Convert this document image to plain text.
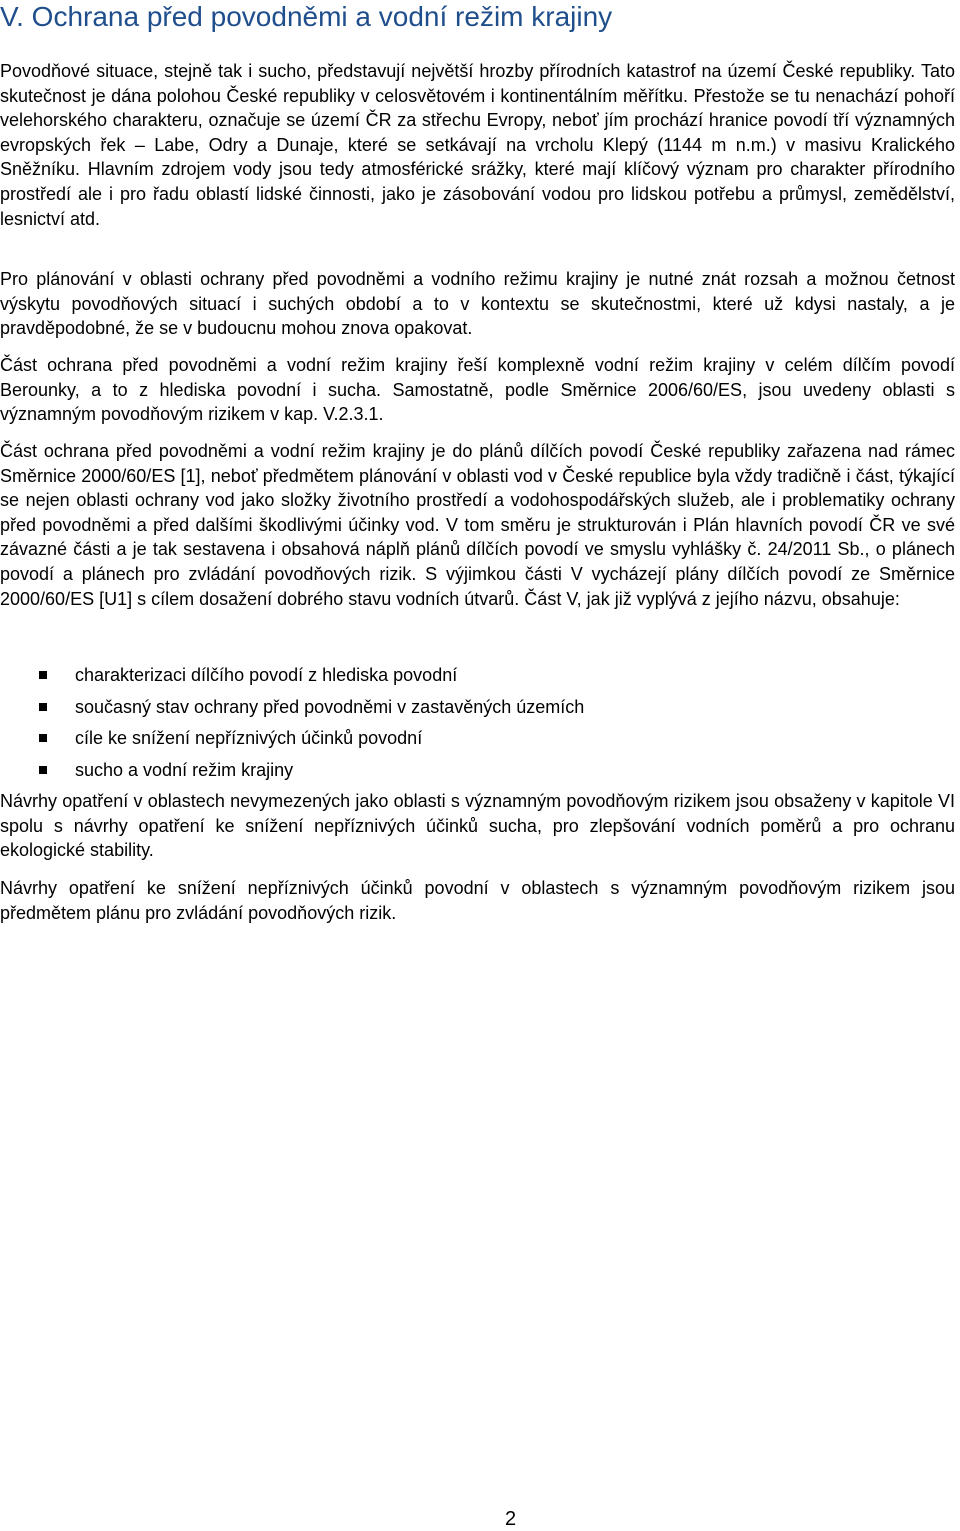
V. Ochrana před povodněmi a vodní režim krajiny

Povodňové situace, stejně tak i sucho, představují největší hrozby přírodních katastrof na území České republiky. Tato skutečnost je dána polohou České republiky v celosvětovém i kontinentálním měřítku. Přestože se tu nenachází pohoří velehorského charakteru, označuje se území ČR za střechu Evropy, neboť jím prochází hranice povodí tří významných evropských řek – Labe, Odry a Dunaje, které se setkávají na vrcholu Klepý (1144 m n.m.) v masivu Kralického Sněžníku. Hlavním zdrojem vody jsou tedy atmosférické srážky, které mají klíčový význam pro charakter přírodního prostředí ale i pro řadu oblastí lidské činnosti, jako je zásobování vodou pro lidskou potřebu a průmysl, zemědělství, lesnictví atd.

Pro plánování v oblasti ochrany před povodněmi a vodního režimu krajiny je nutné znát rozsah a možnou četnost výskytu povodňových situací i suchých období a to v kontextu se skutečnostmi, které už kdysi nastaly, a je pravděpodobné, že se v budoucnu mohou znova opakovat.

Část ochrana před povodněmi a vodní režim krajiny řeší komplexně vodní režim krajiny v celém dílčím povodí Berounky, a to z hlediska povodní i sucha. Samostatně, podle Směrnice 2006/60/ES, jsou uvedeny oblasti s významným povodňovým rizikem v kap. V.2.3.1.

Část ochrana před povodněmi a vodní režim krajiny je do plánů dílčích povodí České republiky zařazena nad rámec Směrnice 2000/60/ES [1], neboť předmětem plánování v oblasti vod v České republice byla vždy tradičně i část, týkající se nejen oblasti ochrany vod jako složky životního prostředí a vodohospodářských služeb, ale i problematiky ochrany před povodněmi a před dalšími škodlivými účinky vod. V tom směru je strukturován i Plán hlavních povodí ČR ve své závazné části a je tak sestavena i obsahová náplň plánů dílčích povodí ve smyslu vyhlášky č. 24/2011 Sb., o plánech povodí a plánech pro zvládání povodňových rizik. S výjimkou části V vycházejí plány dílčích povodí ze Směrnice 2000/60/ES [U1] s cílem dosažení dobrého stavu vodních útvarů. Část V, jak již vyplývá z jejího názvu, obsahuje:

charakterizaci dílčího povodí z hlediska povodní
současný stav ochrany před povodněmi v zastavěných územích
cíle ke snížení nepříznivých účinků povodní
sucho a vodní režim krajiny

Návrhy opatření v oblastech nevymezených jako oblasti s významným povodňovým rizikem jsou obsaženy v kapitole VI spolu s návrhy opatření ke snížení nepříznivých účinků sucha, pro zlepšování vodních poměrů a pro ochranu ekologické stability.

Návrhy opatření ke snížení nepříznivých účinků povodní v oblastech s významným povodňovým rizikem jsou předmětem plánu pro zvládání povodňových rizik.

2
